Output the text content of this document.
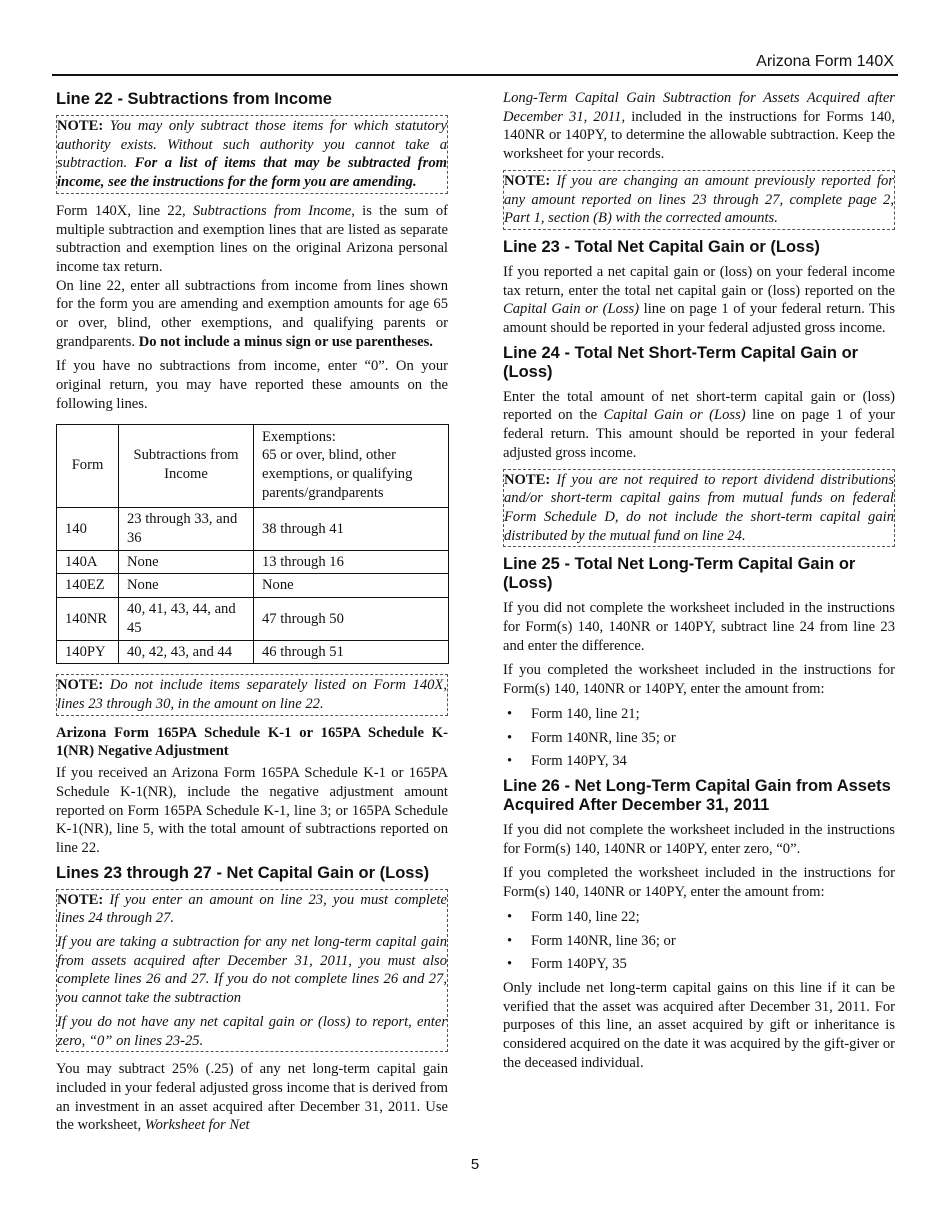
Arizona Form 140X
Line 22 - Subtractions from Income

NOTE: You may only subtract those items for which statutory authority exists. Without such authority you cannot take a subtraction. For a list of items that may be subtracted from income, see the instructions for the form you are amending.

Form 140X, line 22, Subtractions from Income, is the sum of multiple subtraction and exemption lines that are listed as separate subtraction and exemption lines on the original Arizona personal income tax return.

On line 22, enter all subtractions from income from lines shown for the form you are amending and exemption amounts for age 65 or over, blind, other exemptions, and qualifying parents or grandparents. Do not include a minus sign or use parentheses.

If you have no subtractions from income, enter “0”. On your original return, you may have reported these amounts on the following lines.

Form	Subtractions from Income	Exemptions:
65 or over, blind, other exemptions, or qualifying parents/grandparents

140	23 through 33, and 36	38 through 41
140A	None	13 through 16
140EZ	None	None
140NR	40, 41, 43, 44, and 45	47 through 50
140PY	40, 42, 43, and 44	46 through 51

NOTE: Do not include items separately listed on Form 140X, lines 23 through 30, in the amount on line 22.

Arizona Form 165PA Schedule K-1 or 165PA Schedule K-1(NR) Negative Adjustment

If you received an Arizona Form 165PA Schedule K-1 or 165PA Schedule K-1(NR), include the negative adjustment amount reported on Form 165PA Schedule K-1, line 3; or 165PA Schedule K-1(NR), line 5, with the total amount of subtractions reported on line 22.

Lines 23 through 27 - Net Capital Gain or (Loss)

NOTE: If you enter an amount on line 23, you must complete lines 24 through 27.

If you are taking a subtraction for any net long-term capital gain from assets acquired after December 31, 2011, you must also complete lines 26 and 27. If you do not complete lines 26 and 27, you cannot take the subtraction

If you do not have any net capital gain or (loss) to report, enter zero, “0” on lines 23-25.

You may subtract 25% (.25) of any net long-term capital gain included in your federal adjusted gross income that is derived from an investment in an asset acquired after December 31, 2011. Use the worksheet, Worksheet for Net

Long-Term Capital Gain Subtraction for Assets Acquired after December 31, 2011, included in the instructions for Forms 140, 140NR or 140PY, to determine the allowable subtraction. Keep the worksheet for your records.

NOTE: If you are changing an amount previously reported for any amount reported on lines 23 through 27, complete page 2, Part 1, section (B) with the corrected amounts.

Line 23 - Total Net Capital Gain or (Loss)

If you reported a net capital gain or (loss) on your federal income tax return, enter the total net capital gain or (loss) reported on the Capital Gain or (Loss) line on page 1 of your federal return. This amount should be reported in your federal adjusted gross income.

Line 24 - Total Net Short-Term Capital Gain or (Loss)

Enter the total amount of net short-term capital gain or (loss) reported on the Capital Gain or (Loss) line on page 1 of your federal return. This amount should be reported in your federal adjusted gross income.

NOTE: If you are not required to report dividend distributions and/or short-term capital gains from mutual funds on federal Form Schedule D, do not include the short-term capital gain distributed by the mutual fund on line 24.

Line 25 - Total Net Long-Term Capital Gain or (Loss)

If you did not complete the worksheet included in the instructions for Form(s) 140, 140NR or 140PY, subtract line 24 from line 23 and enter the difference.

If you completed the worksheet included in the instructions for Form(s) 140, 140NR or 140PY, enter the amount from:

• Form 140, line 21;
• Form 140NR, line 35; or
• Form 140PY, 34
Line 26 - Net Long-Term Capital Gain from Assets Acquired After December 31, 2011

If you did not complete the worksheet included in the instructions for Form(s) 140, 140NR or 140PY, enter zero, “0”.

If you completed the worksheet included in the instructions for Form(s) 140, 140NR or 140PY, enter the amount from:

• Form 140, line 22;
• Form 140NR, line 36; or
• Form 140PY, 35

Only include net long-term capital gains on this line if it can be verified that the asset was acquired after December 31, 2011. For purposes of this line, an asset acquired by gift or inheritance is considered acquired on the date it was acquired by the gift-giver or the deceased individual.

5
